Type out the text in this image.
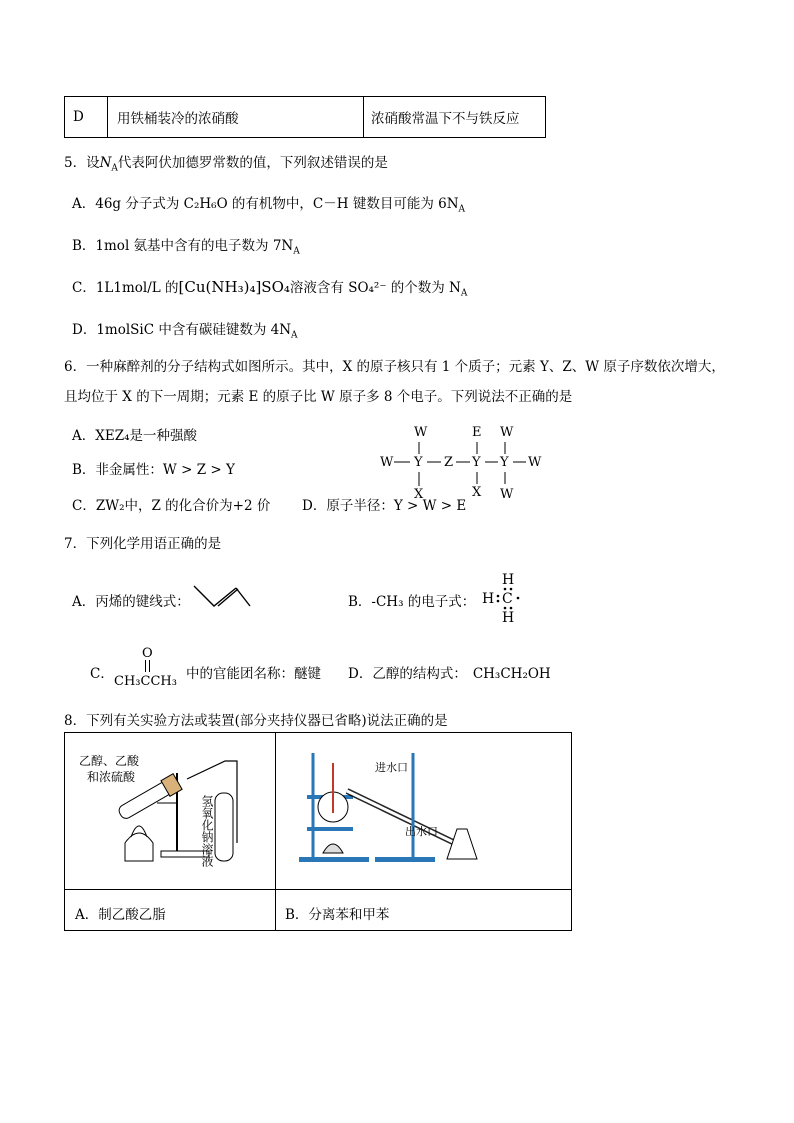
D 用铁桶装冷的浓硝酸	浓硝酸常温下不与铁反应
5．设$N_A$代表阿伏加德罗常数的值，下列叙述错误的是
A．46g 分子式为 C₂H₆O 的有机物中，C－H 键数目可能为 $6N_A$
B．1mol 氨基中含有的电子数为 $7N_A$
C．1L1mol/L 的[Cu(NH₃)₄]SO₄溶液含有 SO₄²⁻ 的个数为 $N_A$
D．1molSiC 中含有碳硅键数为 $4N_A$
6．一种麻醉剂的分子结构式如图所示。其中，X 的原子核只有 1 个质子；元素 Y、Z、W 原子序数依次增大，
且均位于 X 的下一周期；元素 E 的原子比 W 原子多 8 个电子。下列说法不正确的是
A．XEZ₄是一种强酸
B．非金属性：W > Z > Y
C．ZW₂中，Z 的化合价为+2 价 D．原子半径：Y > W > E
W	E W
W Y Z Y Y W
X	X W
7．下列化学用语正确的是
A．丙烯的键线式：	B．-CH₃ 的电子式：
H
H C
H
C．
O
CH₃CCH₃ 中的官能团名称：醚键 D．乙醇的结构式： CH₃CH₂OH
8．下列有关实验方法或装置(部分夹持仪器已省略)说法正确的是
乙醇、乙酸
和浓硫酸
氢氧化钠溶液
进水口
出水口
A．制乙酸乙脂	B．分离苯和甲苯
